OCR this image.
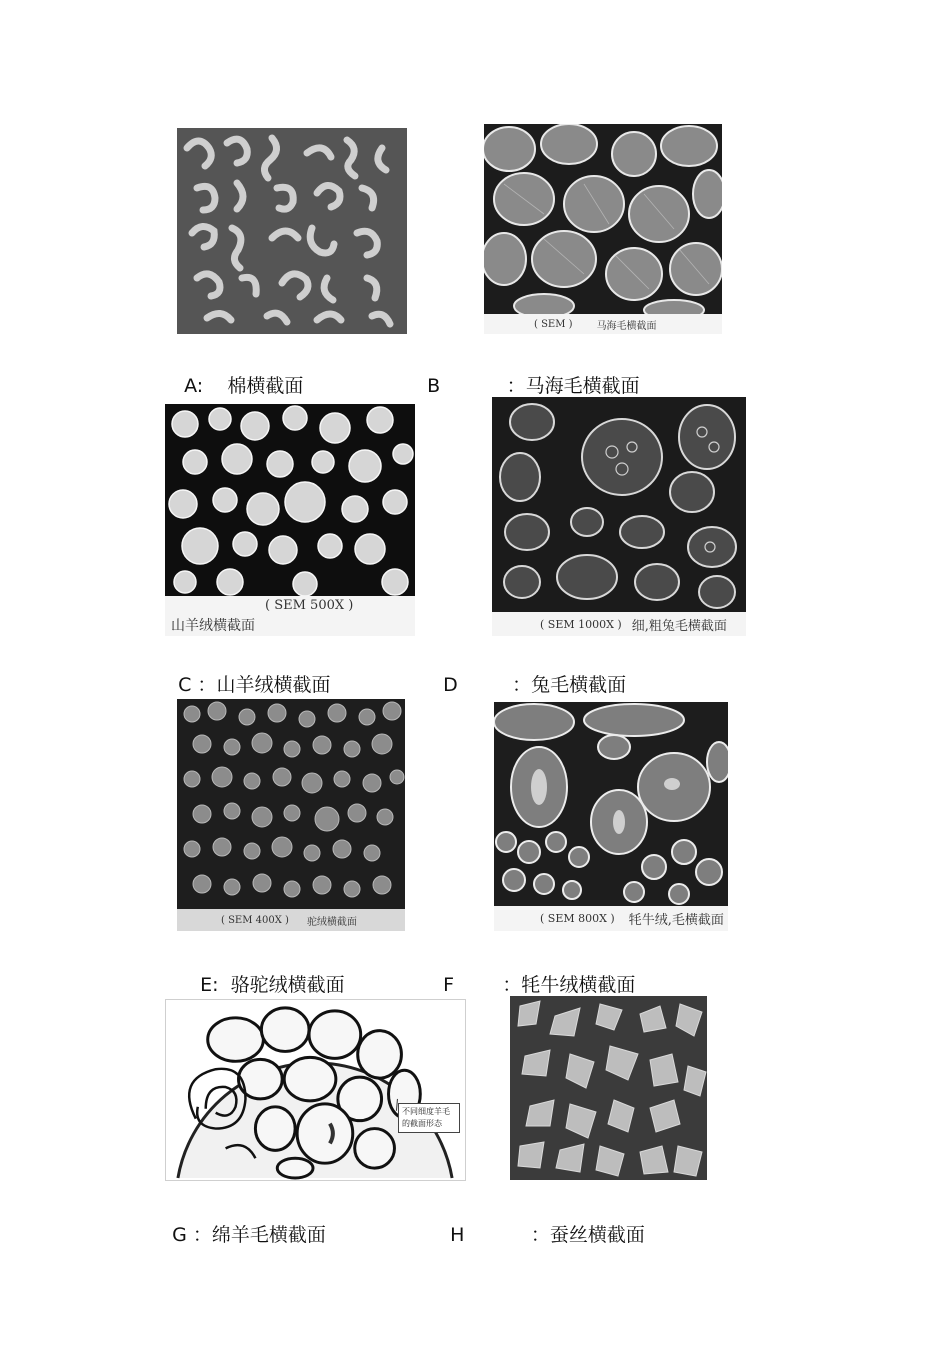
A: 棉横截面

( SEM ) 马海毛横截面

B	：马海毛横截面

( SEM 500X )
山羊绒横截面

C ：山羊绒横截面

( SEM 1000X ) 细,粗兔毛横截面

D	：兔毛横截面

( SEM 400X ) 驼绒横截面

E: 骆驼绒横截面

( SEM 800X ) 牦牛绒,毛横截面

F	：牦牛绒横截面

不同细度羊毛的截面形态

G ：绵羊毛横截面	H	：蚕丝横截面
